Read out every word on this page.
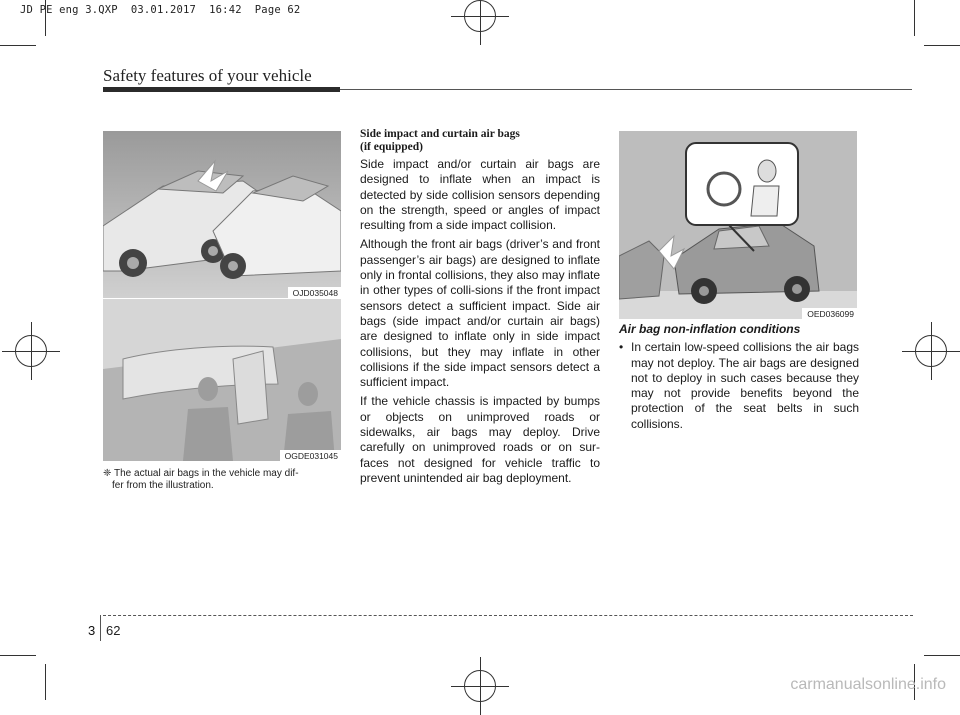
JD PE eng 3.QXP  03.01.2017  16:42  Page 62
Safety features of your vehicle
OJD035048
OGDE031045
❈ The actual air bags in the vehicle may dif-
fer from the illustration.
Side impact and curtain air bags
(if equipped)

Side impact and/or curtain air bags are designed to inflate when an impact is detected by side collision sensors depending on the strength, speed or angles of impact resulting from a side impact collision.

Although the front air bags (driver’s and front passenger’s air bags) are designed to inflate only in frontal collisions, they also may inflate in other types of colli-sions if the front impact sensors detect a sufficient impact. Side air bags (side impact and/or curtain air bags) are designed to inflate only in side impact collisions, but they may inflate in other collisions if the side impact sensors detect a sufficient impact.

If the vehicle chassis is impacted by bumps or objects on unimproved roads or sidewalks, air bags may deploy. Drive carefully on unimproved roads or on sur-faces not designed for vehicle traffic to prevent unintended air bag deployment.

OED036099
Air bag non-inflation conditions
• In certain low-speed collisions the air bags may not deploy. The air bags are designed not to deploy in such cases because they may not provide benefits beyond the protection of the seat belts in such collisions.
3 62
carmanualsonline.info
